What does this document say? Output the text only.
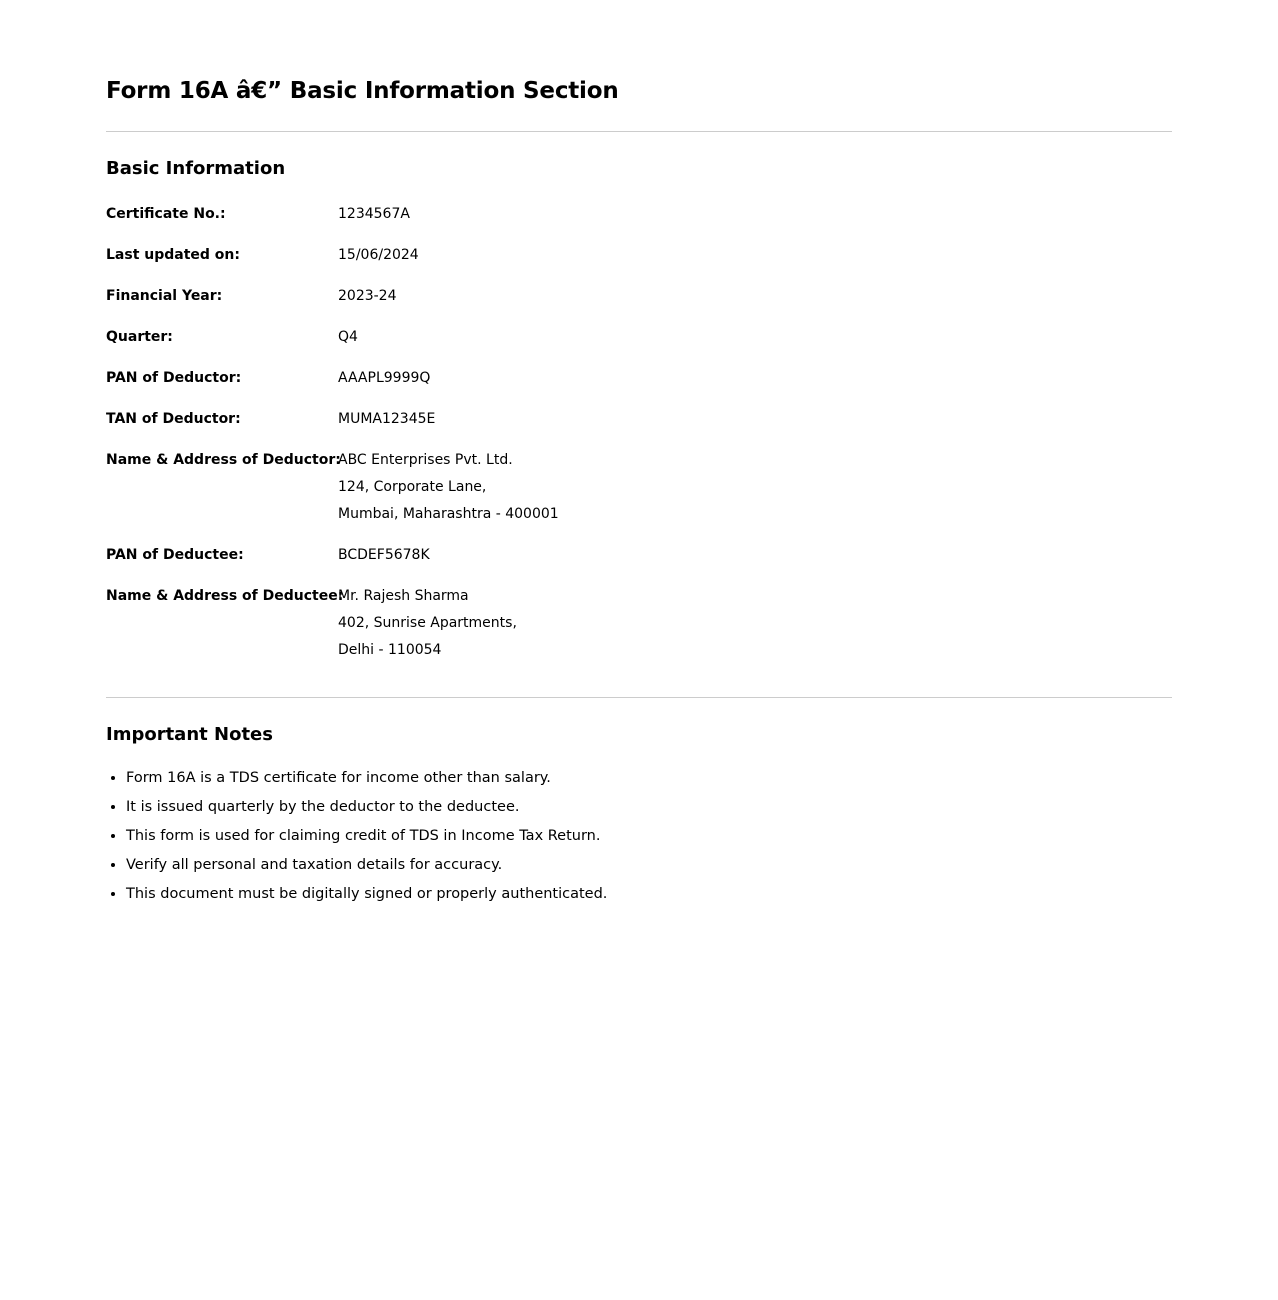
Form 16A â€” Basic Information Section
Basic Information
Certificate No.:	1234567A
Last updated on:	15/06/2024
Financial Year:	2023-24
Quarter:	Q4
PAN of Deductor:	AAAPL9999Q
TAN of Deductor:	MUMA12345E
Name & Address of Deductor:
ABC Enterprises Pvt. Ltd.
124, Corporate Lane,
Mumbai, Maharashtra - 400001
PAN of Deductee:	BCDEF5678K
Name & Address of Deductee:
Mr. Rajesh Sharma
402, Sunrise Apartments,
Delhi - 110054
Important Notes
• Form 16A is a TDS certificate for income other than salary.
• It is issued quarterly by the deductor to the deductee.
• This form is used for claiming credit of TDS in Income Tax Return.
• Verify all personal and taxation details for accuracy.
• This document must be digitally signed or properly authenticated.
